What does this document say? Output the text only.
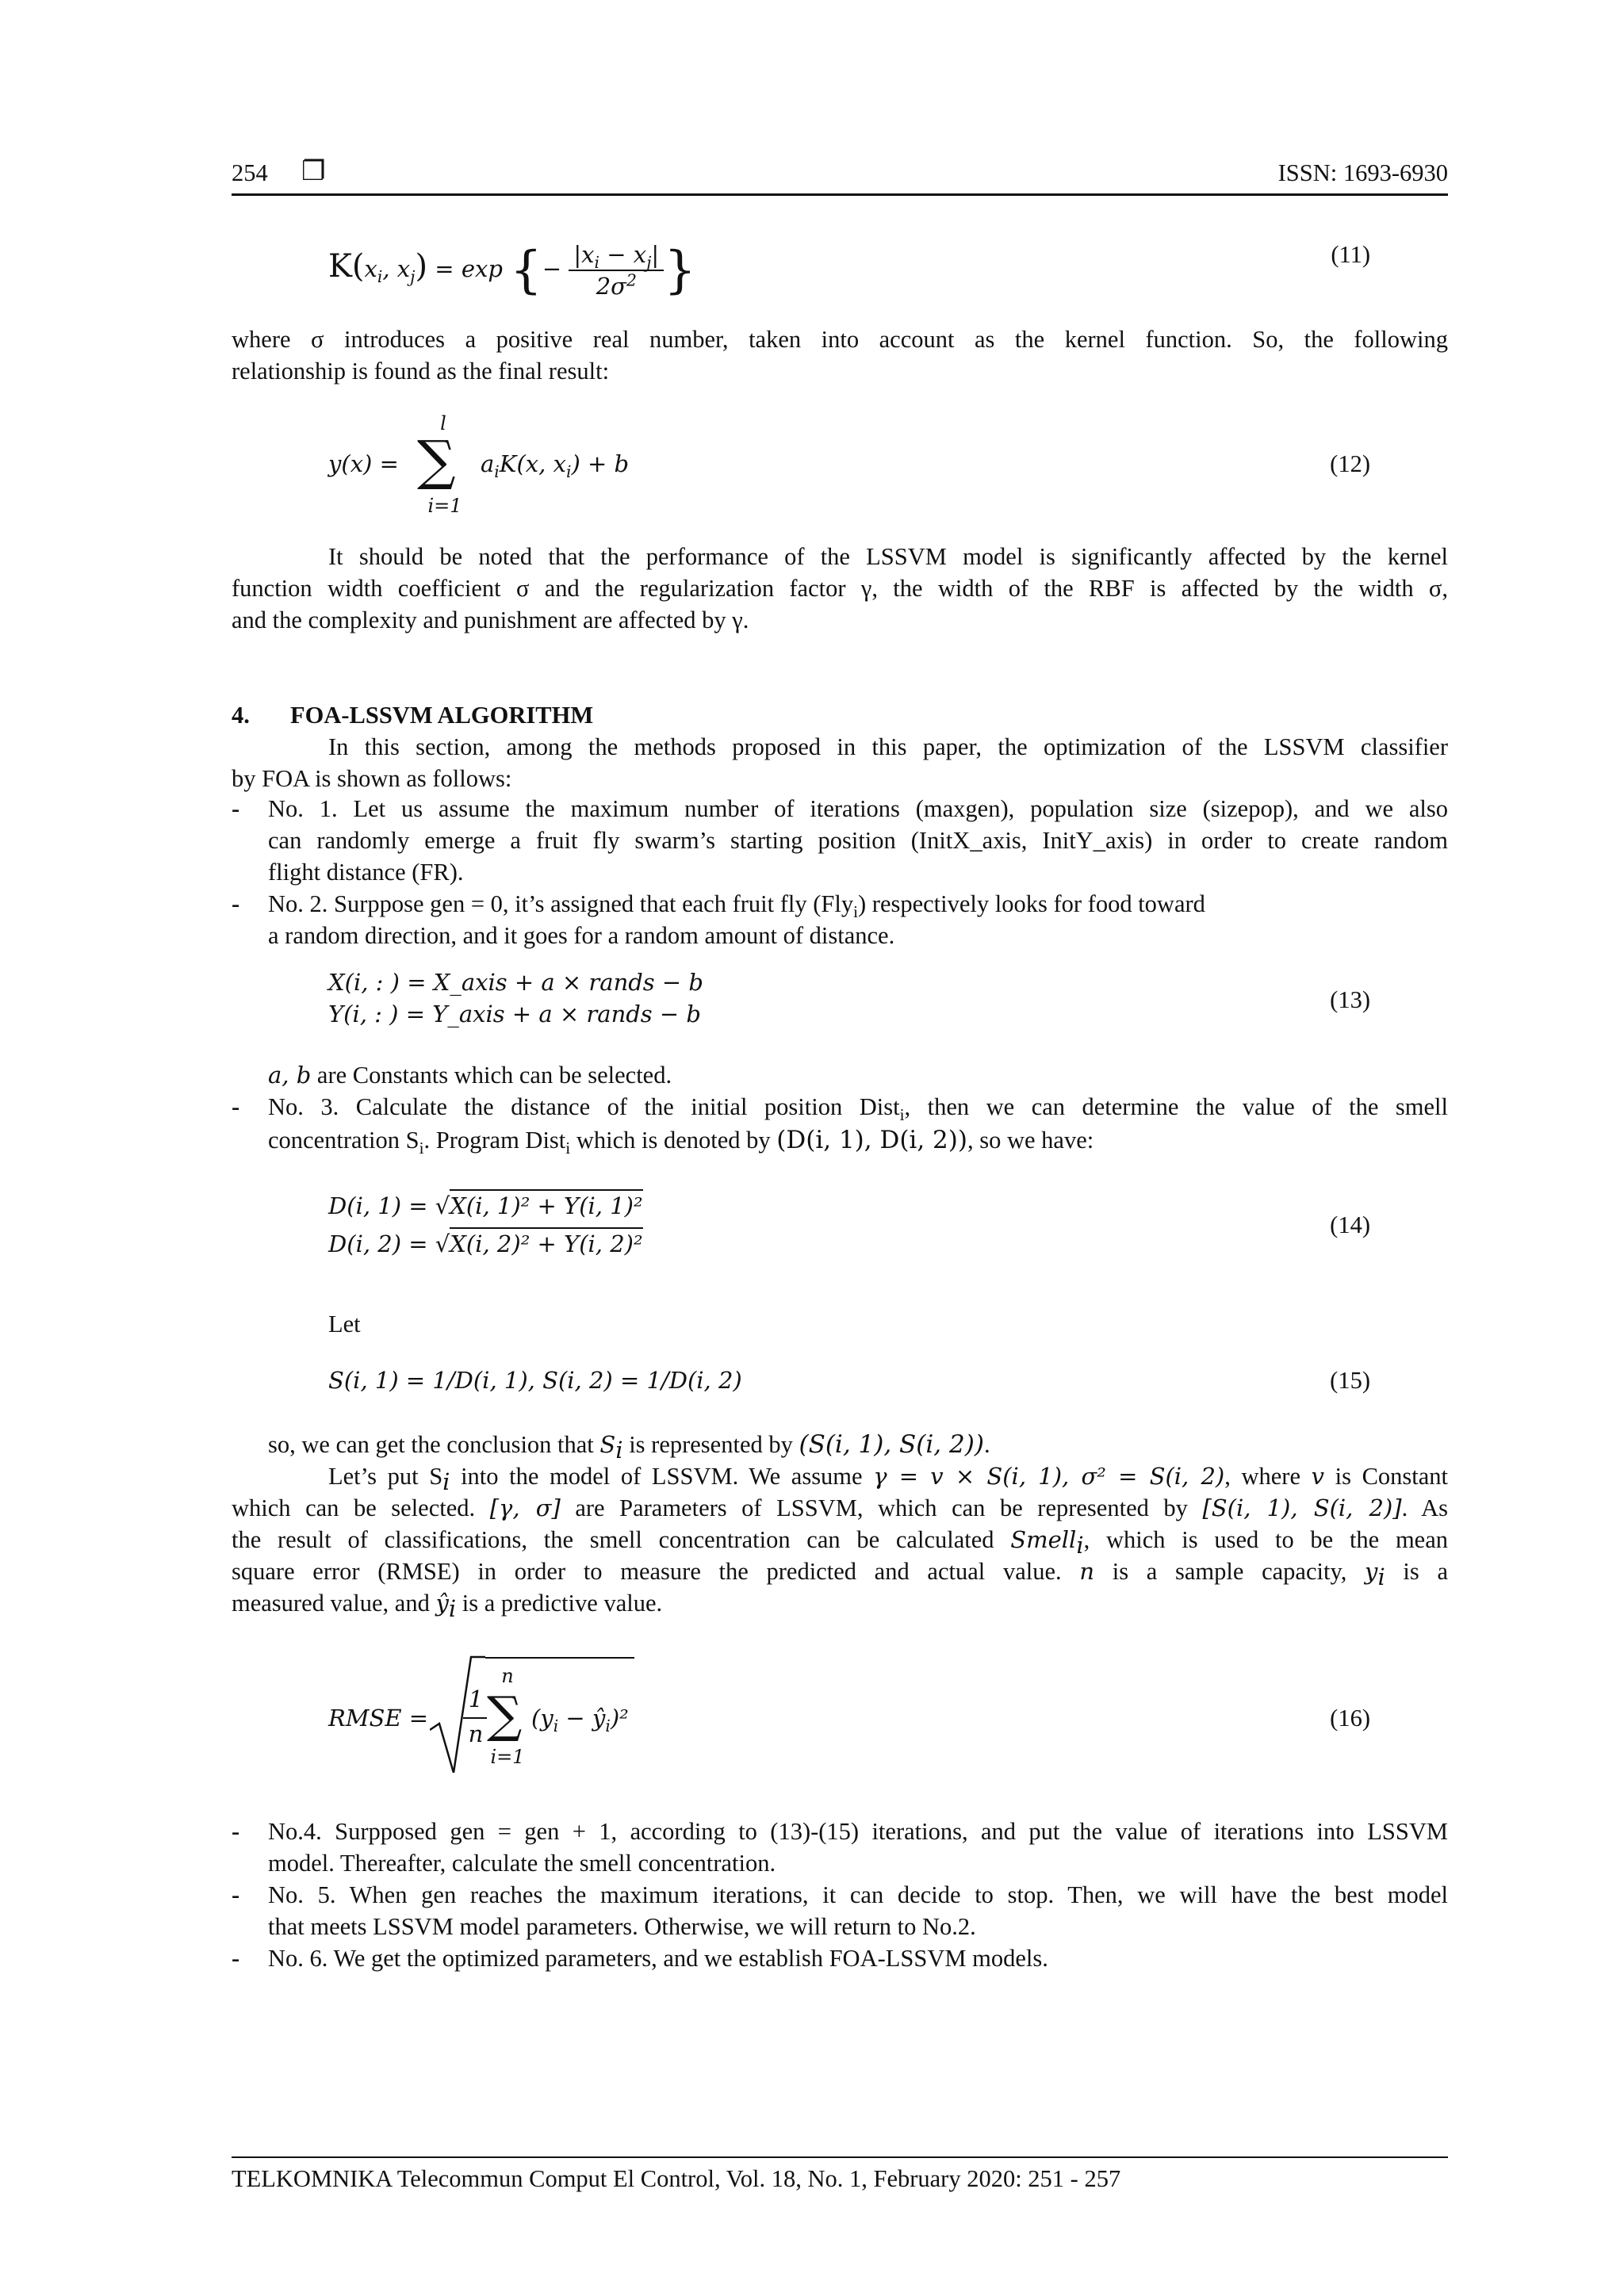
254 ❐	ISSN: 1693-6930
$K(x_i$, $x_j) = \exp$ {− $\frac{|x_i - x_j|}{2\sigma^2}$ }	(11)
where σ introduces a positive real number, taken into account as the kernel function. So, the following
relationship is found as the final result:
y(x) =
l
∑
i=1
$a_iK(x$, $x_i) + b$	(12)
It should be noted that the performance of the LSSVM model is significantly affected by the kernel
function width coefficient σ and the regularization factor γ, the width of the RBF is affected by the width σ,
and the complexity and punishment are affected by γ.
4. FOA-LSSVM ALGORITHM
In this section, among the methods proposed in this paper, the optimization of the LSSVM classifier
by FOA is shown as follows:
- No. 1. Let us assume the maximum number of iterations (maxgen), population size (sizepop), and we also
can randomly emerge a fruit fly swarm’s starting position (InitX_axis, InitY_axis) in order to create random
flight distance (FR).
- No. 2. Surppose gen = 0, it’s assigned that each fruit fly (Fly$_i$) respectively looks for food toward
a random direction, and it goes for a random amount of distance.
X(i, : ) = X_axis + a × rands − b
Y(i, : ) = Y_axis + a × rands − b
(13)
a, b are Constants which can be selected.
- No. 3. Calculate the distance of the initial position Dist$_i$, then we can determine the value of the smell
concentration $S_i$. Program Dist$_i$ which is denoted by (D(i, 1), D(i, 2)), so we have:
D(i, 1) = √X(i, 1)² + Y(i, 1)²
D(i, 2) = √X(i, 2)² + Y(i, 2)²
(14)
Let
S(i, 1) = 1/D(i, 1), S(i, 2) = 1/D(i, 2)	(15)
so, we can get the conclusion that $S_i$ is represented by (S(i, 1), S(i, 2)).
Let’s put $S_i$ into the model of LSSVM. We assume γ = v × S(i, 1), σ² = S(i, 2), where v is Constant
which can be selected. [γ, σ] are Parameters of LSSVM, which can be represented by [S(i, 1), S(i, 2)]. As
the result of classifications, the smell concentration can be calculated Smell$_i$, which is used to be the mean
square error (RMSE) in order to measure the predicted and actual value. n is a sample capacity, $y_i$ is a
measured value, and $ŷ_i$ is a predictive value.
RMSE =
1
n
n
∑
i=1
($y_i$ − $ŷ_i)^2$	(16)
- No.4. Surpposed gen = gen + 1, according to (13)-(15) iterations, and put the value of iterations into LSSVM
model. Thereafter, calculate the smell concentration.
- No. 5. When gen reaches the maximum iterations, it can decide to stop. Then, we will have the best model
that meets LSSVM model parameters. Otherwise, we will return to No.2.
- No. 6. We get the optimized parameters, and we establish FOA-LSSVM models.
TELKOMNIKA Telecommun Comput El Control, Vol. 18, No. 1, February 2020: 251 - 257
